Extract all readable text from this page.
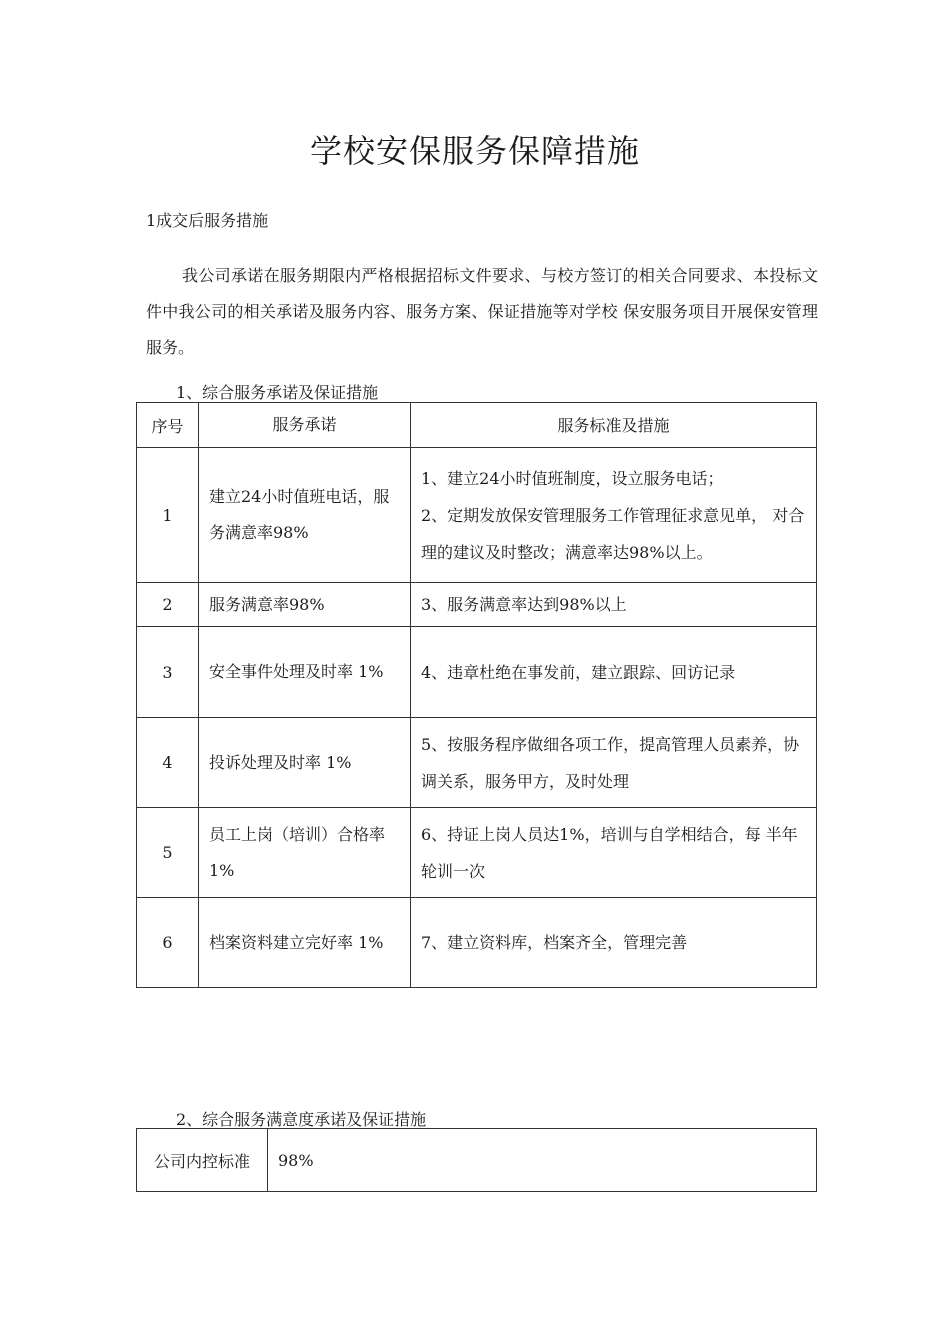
学校安保服务保障措施
1成交后服务措施
我公司承诺在服务期限内严格根据招标文件要求、与校方签订的相关合同要求、本投标文件中我公司的相关承诺及服务内容、服务方案、保证措施等对学校 保安服务项目开展保安管理服务。
1、综合服务承诺及保证措施
序号	服务承诺	服务标准及措施
1	建立24小时值班电话，服务满意率98%	1、建立24小时值班制度，设立服务电话；
2、定期发放保安管理服务工作管理征求意见单， 对合理的建议及时整改；满意率达98%以上。

2	服务满意率98%	3、服务满意率达到98%以上

3	安全事件处理及时率 1%	4、违章杜绝在事发前，建立跟踪、回访记录

4	投诉处理及时率 1%	5、按服务程序做细各项工作，提高管理人员素养，协调关系，服务甲方，及时处理

5	员工上岗（培训）合格率1%	6、持证上岗人员达1%，培训与自学相结合，每 半年轮训一次

6	档案资料建立完好率 1%	7、建立资料库，档案齐全，管理完善
2、综合服务满意度承诺及保证措施
公司内控标准	98%
